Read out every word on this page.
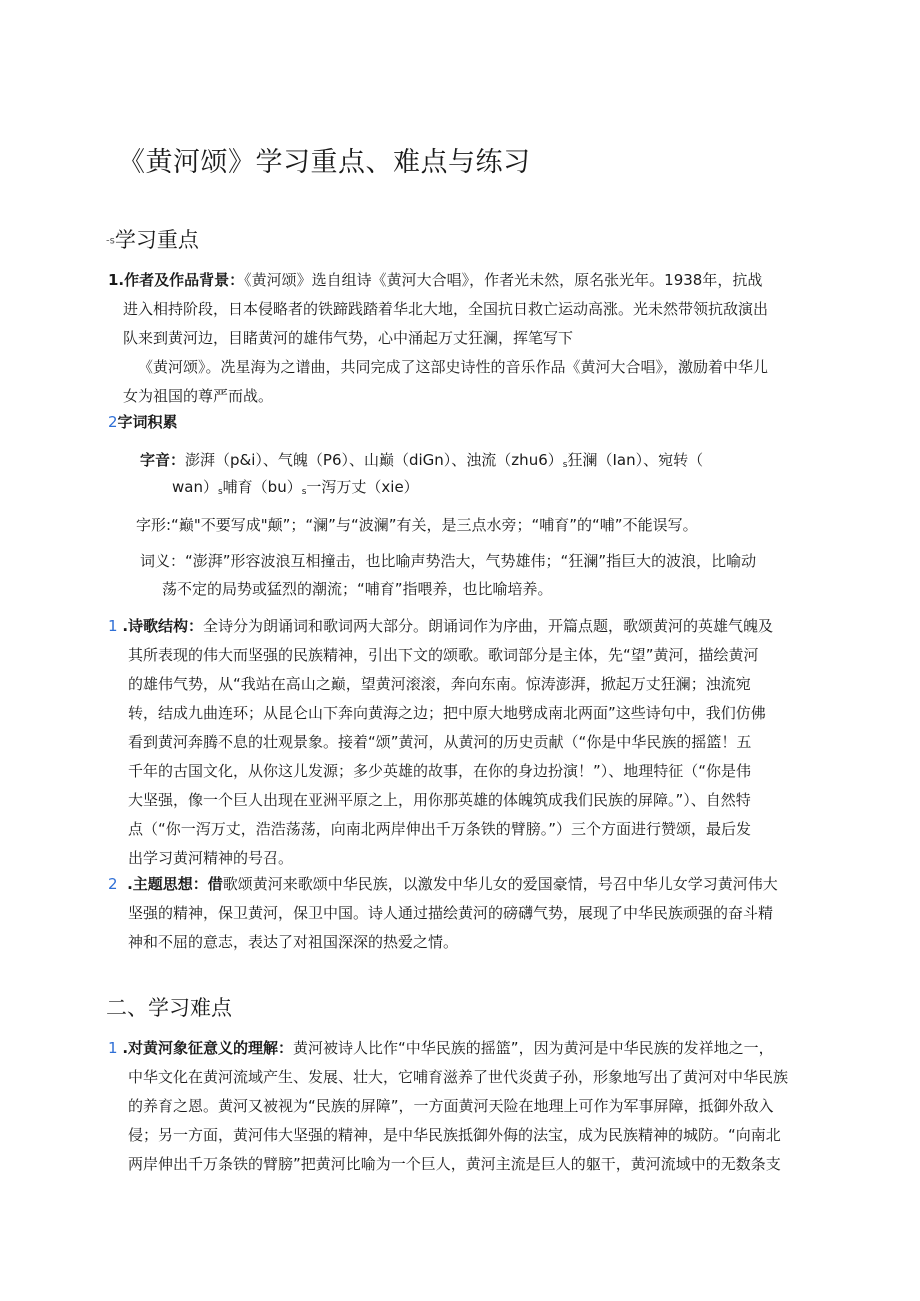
《黄河颂》学习重点、难点与练习
-s学习重点
1.作者及作品背景：《黄河颂》选自组诗《黄河大合唱》，作者光未然，原名张光年。1938年，抗战
进入相持阶段，日本侵略者的铁蹄践踏着华北大地，全国抗日救亡运动高涨。光未然带领抗敌演出
队来到黄河边，目睹黄河的雄伟气势，心中涌起万丈狂澜，挥笔写下
《黄河颂》。冼星海为之谱曲，共同完成了这部史诗性的音乐作品《黄河大合唱》，激励着中华儿
女为祖国的尊严而战。
2字词积累
字音：澎湃（p&i）、气魄（P6）、山巅（diGn）、浊流（zhu6）s狂澜（Ian）、宛转（
wan）s哺育（bu）s一泻万丈（xie）
字形:“巅"不要写成"颠”；“澜”与“波澜”有关，是三点水旁；“哺育”的“哺”不能误写。
词义：“澎湃”形容波浪互相撞击，也比喻声势浩大，气势雄伟；“狂澜”指巨大的波浪，比喻动
荡不定的局势或猛烈的潮流；“哺育”指喂养，也比喻培养。
1 .诗歌结构：全诗分为朗诵词和歌词两大部分。朗诵词作为序曲，开篇点题，歌颂黄河的英雄气魄及
其所表现的伟大而坚强的民族精神，引出下文的颂歌。歌词部分是主体，先“望”黄河，描绘黄河
的雄伟气势，从“我站在高山之巅，望黄河滚滚，奔向东南。惊涛澎湃，掀起万丈狂澜；浊流宛
转，结成九曲连环；从昆仑山下奔向黄海之边；把中原大地劈成南北两面”这些诗句中，我们仿佛
看到黄河奔腾不息的壮观景象。接着“颂”黄河，从黄河的历史贡献（“你是中华民族的摇篮！五
千年的古国文化，从你这儿发源；多少英雄的故事，在你的身边扮演！”）、地理特征（“你是伟
大坚强，像一个巨人出现在亚洲平原之上，用你那英雄的体魄筑成我们民族的屏障。”）、自然特
点（“你一泻万丈，浩浩荡荡，向南北两岸伸出千万条铁的臂膀。”）三个方面进行赞颂，最后发
出学习黄河精神的号召。
2 .主题思想：借歌颂黄河来歌颂中华民族，以激发中华儿女的爱国豪情，号召中华儿女学习黄河伟大
坚强的精神，保卫黄河，保卫中国。诗人通过描绘黄河的磅礴气势，展现了中华民族顽强的奋斗精
神和不屈的意志，表达了对祖国深深的热爱之情。
二、学习难点
1 .对黄河象征意义的理解：黄河被诗人比作“中华民族的摇篮”，因为黄河是中华民族的发祥地之一，
中华文化在黄河流域产生、发展、壮大，它哺育滋养了世代炎黄子孙，形象地写出了黄河对中华民族
的养育之恩。黄河又被视为“民族的屏障”，一方面黄河天险在地理上可作为军事屏障，抵御外敌入
侵；另一方面，黄河伟大坚强的精神，是中华民族抵御外侮的法宝，成为民族精神的城防。“向南北
两岸伸出千万条铁的臂膀”把黄河比喻为一个巨人，黄河主流是巨人的躯干，黄河流域中的无数条支
